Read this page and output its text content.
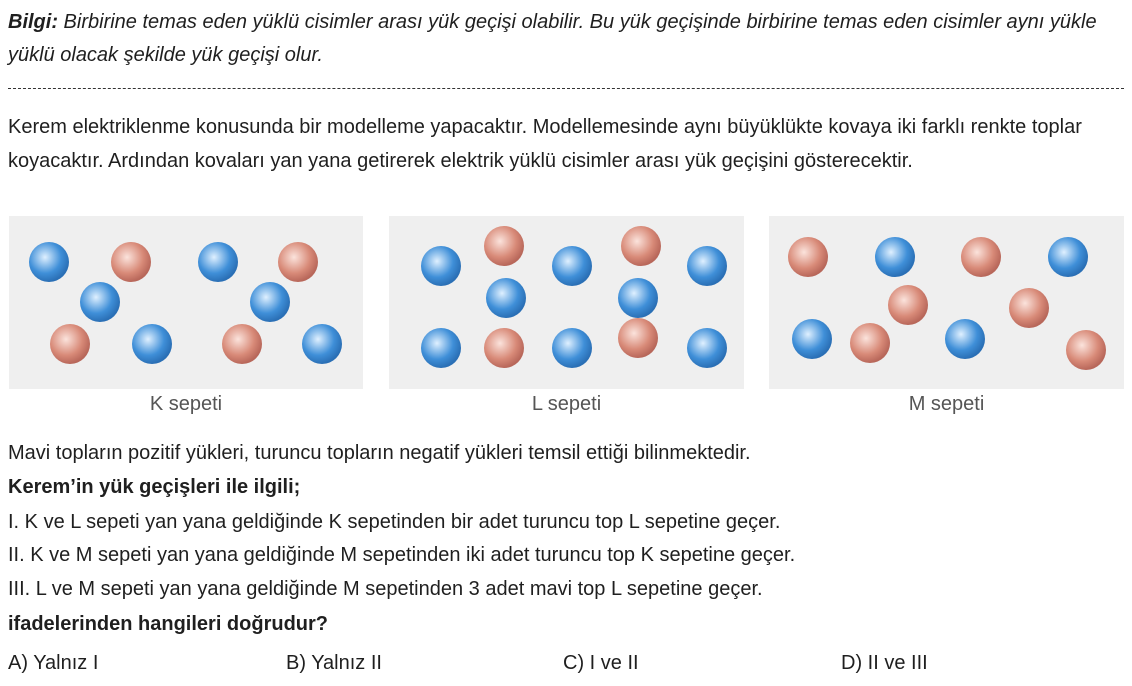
Bilgi: Birbirine temas eden yüklü cisimler arası yük geçişi olabilir. Bu yük geçişinde birbirine temas eden cisimler aynı yükle yüklü olacak şekilde yük geçişi olur.
Kerem elektriklenme konusunda bir modelleme yapacaktır. Modellemesinde aynı büyüklükte kovaya iki farklı renkte toplar koyacaktır. Ardından kovaları yan yana getirerek elektrik yüklü cisimler arası yük geçişini gösterecektir.
K sepeti	L sepeti	M sepeti
Mavi topların pozitif yükleri, turuncu topların negatif yükleri temsil ettiği bilinmektedir.
Kerem’in yük geçişleri ile ilgili;
I. K ve L sepeti yan yana geldiğinde K sepetinden bir adet turuncu top L sepetine geçer.
II. K ve M sepeti yan yana geldiğinde M sepetinden iki adet turuncu top K sepetine geçer.
III. L ve M sepeti yan yana geldiğinde M sepetinden 3 adet mavi top L sepetine geçer.
ifadelerinden hangileri doğrudur?
A) Yalnız I	B) Yalnız II	C) I ve II	D) II ve III
